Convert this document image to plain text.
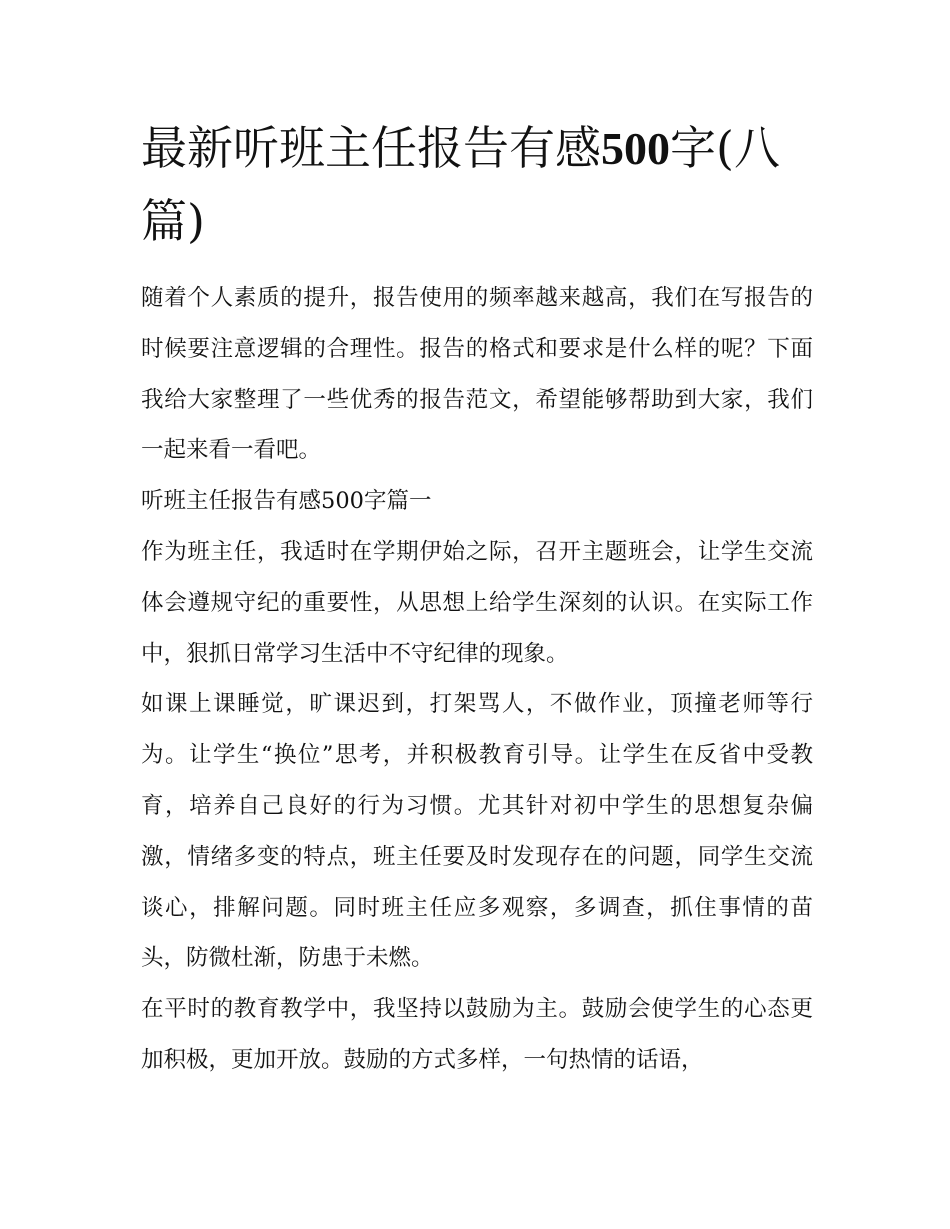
最新听班主任报告有感500字(八篇)

随着个人素质的提升，报告使用的频率越来越高，我们在写报告的时候要注意逻辑的合理性。报告的格式和要求是什么样的呢？下面我给大家整理了一些优秀的报告范文，希望能够帮助到大家，我们一起来看一看吧。

听班主任报告有感500字篇一

作为班主任，我适时在学期伊始之际，召开主题班会，让学生交流体会遵规守纪的重要性，从思想上给学生深刻的认识。在实际工作中，狠抓日常学习生活中不守纪律的现象。

如课上课睡觉，旷课迟到，打架骂人，不做作业，顶撞老师等行为。让学生“换位”思考，并积极教育引导。让学生在反省中受教育，培养自己良好的行为习惯。尤其针对初中学生的思想复杂偏激，情绪多变的特点，班主任要及时发现存在的问题，同学生交流谈心，排解问题。同时班主任应多观察，多调查，抓住事情的苗头，防微杜渐，防患于未燃。

在平时的教育教学中，我坚持以鼓励为主。鼓励会使学生的心态更加积极，更加开放。鼓励的方式多样，一句热情的话语，
